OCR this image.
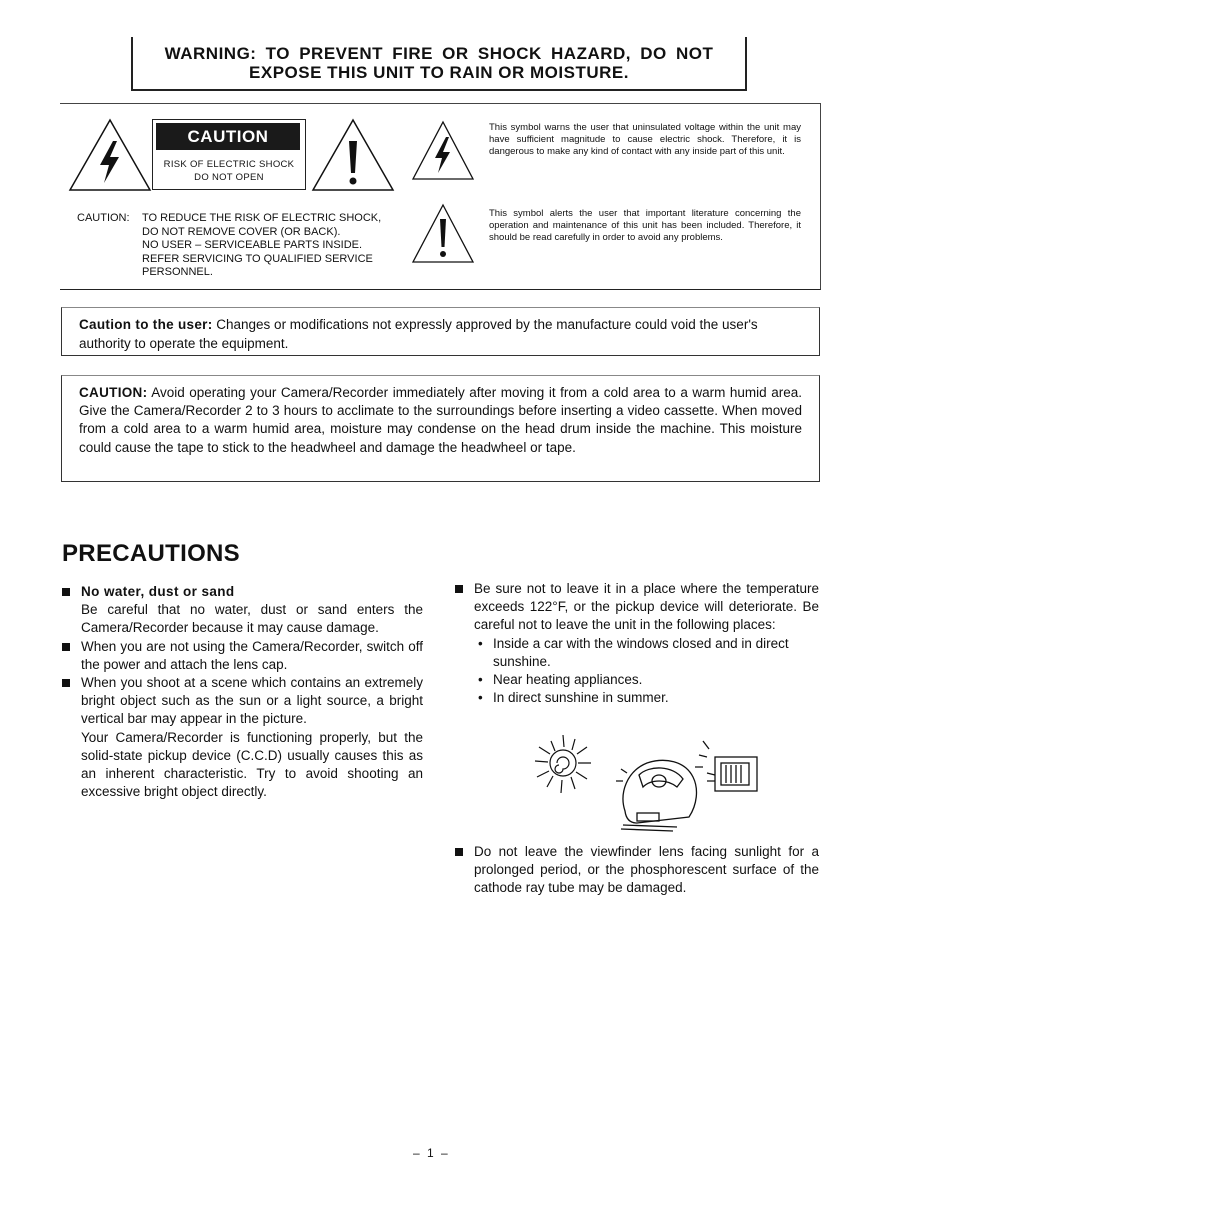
WARNING: TO PREVENT FIRE OR SHOCK HAZARD, DO NOT
EXPOSE THIS UNIT TO RAIN OR MOISTURE.
CAUTION
RISK OF ELECTRIC SHOCK
DO NOT OPEN
This symbol warns the user that uninsulated voltage within the unit may have sufficient magnitude to cause electric shock. Therefore, it is dangerous to make any kind of contact with any inside part of this unit.
This symbol alerts the user that important literature concerning the operation and maintenance of this unit has been included. Therefore, it should be read carefully in order to avoid any problems.
CAUTION: TO REDUCE THE RISK OF ELECTRIC SHOCK,
DO NOT REMOVE COVER (OR BACK).
NO USER – SERVICEABLE PARTS INSIDE.
REFER SERVICING TO QUALIFIED SERVICE
PERSONNEL.
Caution to the user: Changes or modifications not expressly approved by the manufacture could void the user's authority to operate the equipment.
CAUTION: Avoid operating your Camera/Recorder immediately after moving it from a cold area to a warm humid area. Give the Camera/Recorder 2 to 3 hours to acclimate to the surroundings before inserting a video cassette. When moved from a cold area to a warm humid area, moisture may condense on the head drum inside the machine. This moisture could cause the tape to stick to the headwheel and damage the headwheel or tape.
PRECAUTIONS
No water, dust or sand
Be careful that no water, dust or sand enters the Camera/Recorder because it may cause damage.
When you are not using the Camera/Recorder, switch off the power and attach the lens cap.
When you shoot at a scene which contains an extremely bright object such as the sun or a light source, a bright vertical bar may appear in the picture.
Your Camera/Recorder is functioning properly, but the solid-state pickup device (C.C.D) usually causes this as an inherent characteristic. Try to avoid shooting an excessive bright object directly.
Be sure not to leave it in a place where the temperature exceeds 122°F, or the pickup device will deteriorate. Be careful not to leave the unit in the following places:
• Inside a car with the windows closed and in direct sunshine.
• Near heating appliances.
• In direct sunshine in summer.
Do not leave the viewfinder lens facing sunlight for a prolonged period, or the phosphorescent surface of the cathode ray tube may be damaged.
– 1 –
